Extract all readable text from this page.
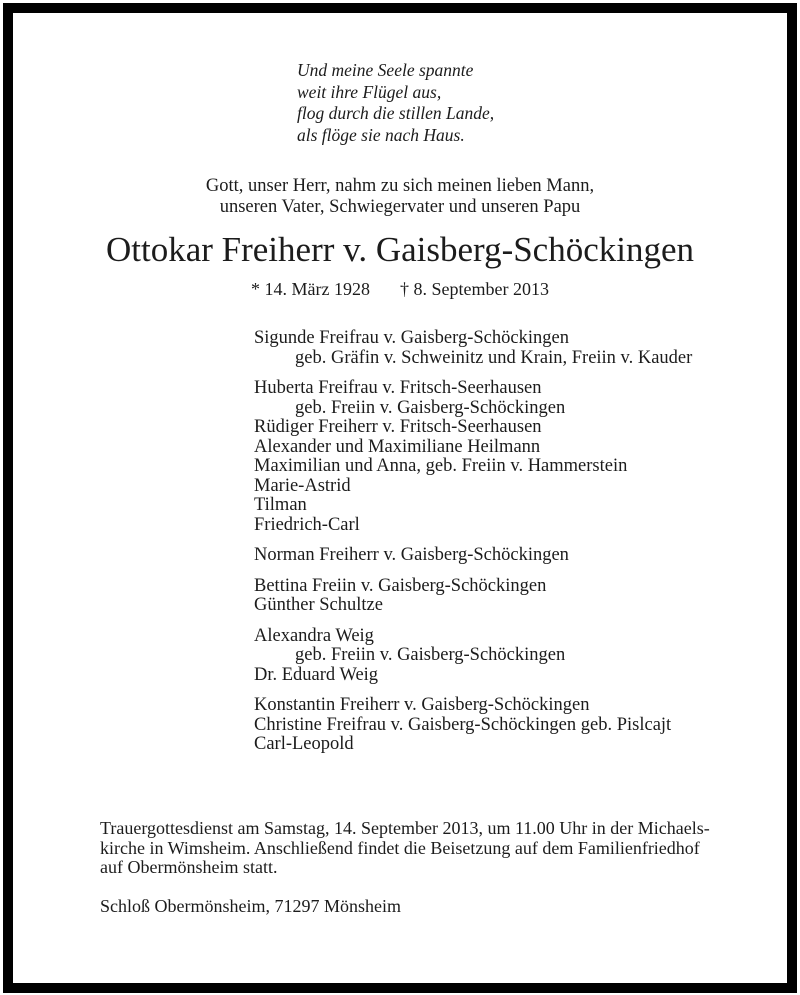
Und meine Seele spannte
weit ihre Flügel aus,
flog durch die stillen Lande,
als flöge sie nach Haus.
Gott, unser Herr, nahm zu sich meinen lieben Mann,
unseren Vater, Schwiegervater und unseren Papu
Ottokar Freiherr v. Gaisberg-Schöckingen
* 14. März 1928 † 8. September 2013
Sigunde Freifrau v. Gaisberg-Schöckingen
geb. Gräfin v. Schweinitz und Krain, Freiin v. Kauder
Huberta Freifrau v. Fritsch-Seerhausen
geb. Freiin v. Gaisberg-Schöckingen
Rüdiger Freiherr v. Fritsch-Seerhausen
Alexander und Maximiliane Heilmann
Maximilian und Anna, geb. Freiin v. Hammerstein
Marie-Astrid
Tilman
Friedrich-Carl
Norman Freiherr v. Gaisberg-Schöckingen
Bettina Freiin v. Gaisberg-Schöckingen
Günther Schultze
Alexandra Weig
geb. Freiin v. Gaisberg-Schöckingen
Dr. Eduard Weig
Konstantin Freiherr v. Gaisberg-Schöckingen
Christine Freifrau v. Gaisberg-Schöckingen geb. Pislcajt
Carl-Leopold
Trauergottesdienst am Samstag, 14. September 2013, um 11.00 Uhr in der Michaels-
kirche in Wimsheim. Anschließend findet die Beisetzung auf dem Familienfriedhof
auf Obermönsheim statt.
Schloß Obermönsheim, 71297 Mönsheim
